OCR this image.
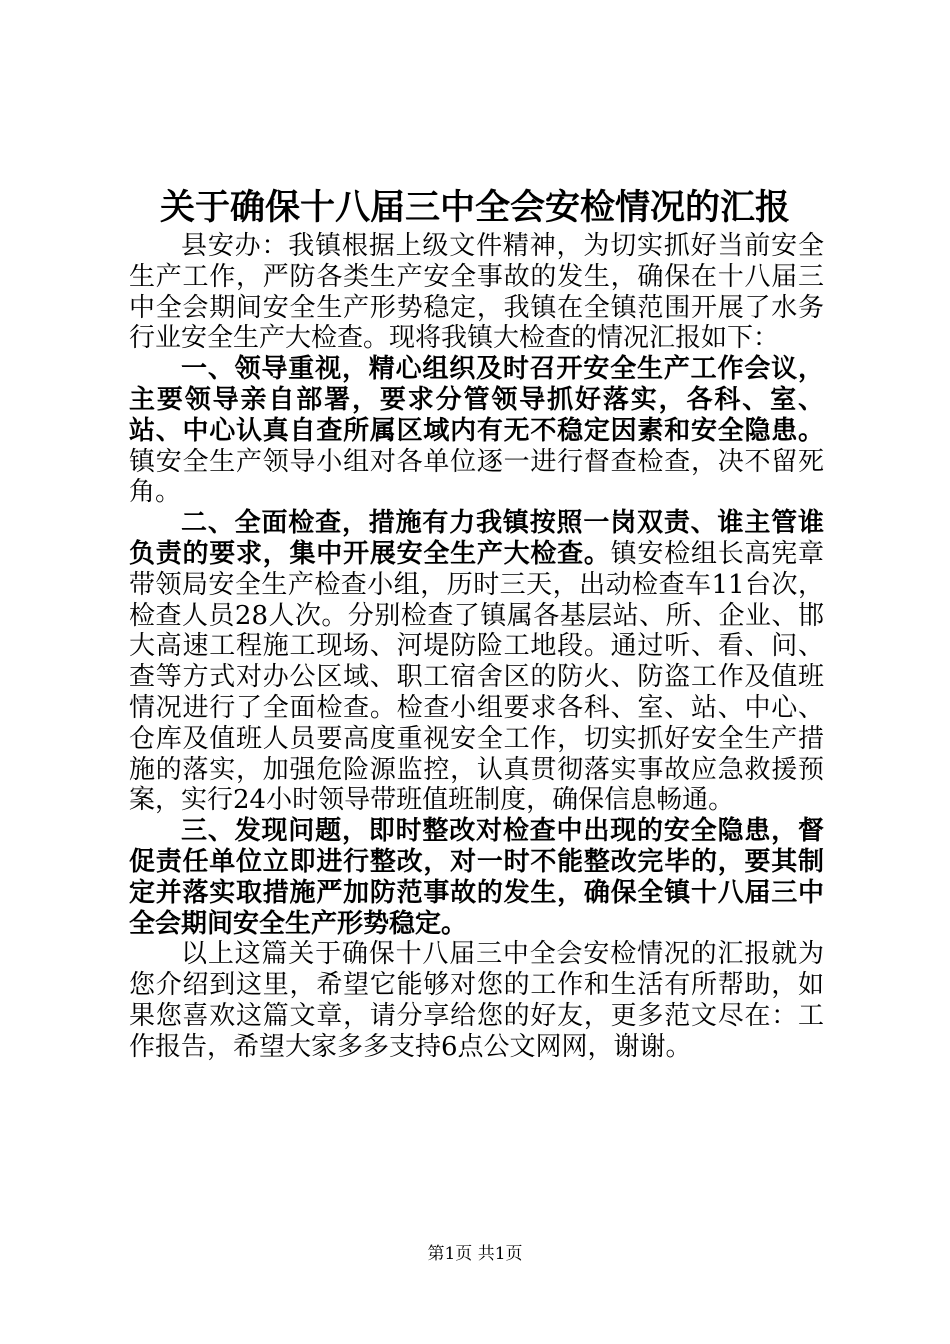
关于确保十八届三中全会安检情况的汇报

县安办：我镇根据上级文件精神，为切实抓好当前安全生产工作，严防各类生产安全事故的发生，确保在十八届三中全会期间安全生产形势稳定，我镇在全镇范围开展了水务行业安全生产大检查。现将我镇大检查的情况汇报如下：

一、领导重视，精心组织及时召开安全生产工作会议，主要领导亲自部署，要求分管领导抓好落实，各科、室、站、中心认真自查所属区域内有无不稳定因素和安全隐患。镇安全生产领导小组对各单位逐一进行督查检查，决不留死角。

二、全面检查，措施有力我镇按照一岗双责、谁主管谁负责的要求，集中开展安全生产大检查。镇安检组长高宪章带领局安全生产检查小组，历时三天，出动检查车11台次，检查人员28人次。分别检查了镇属各基层站、所、企业、邯大高速工程施工现场、河堤防险工地段。通过听、看、问、查等方式对办公区域、职工宿舍区的防火、防盗工作及值班情况进行了全面检查。检查小组要求各科、室、站、中心、仓库及值班人员要高度重视安全工作，切实抓好安全生产措施的落实，加强危险源监控，认真贯彻落实事故应急救援预案，实行24小时领导带班值班制度，确保信息畅通。

三、发现问题，即时整改对检查中出现的安全隐患，督促责任单位立即进行整改，对一时不能整改完毕的，要其制定并落实取措施严加防范事故的发生，确保全镇十八届三中全会期间安全生产形势稳定。

以上这篇关于确保十八届三中全会安检情况的汇报就为您介绍到这里，希望它能够对您的工作和生活有所帮助，如果您喜欢这篇文章，请分享给您的好友，更多范文尽在：工作报告，希望大家多多支持6点公文网网，谢谢。

第1页 共1页
